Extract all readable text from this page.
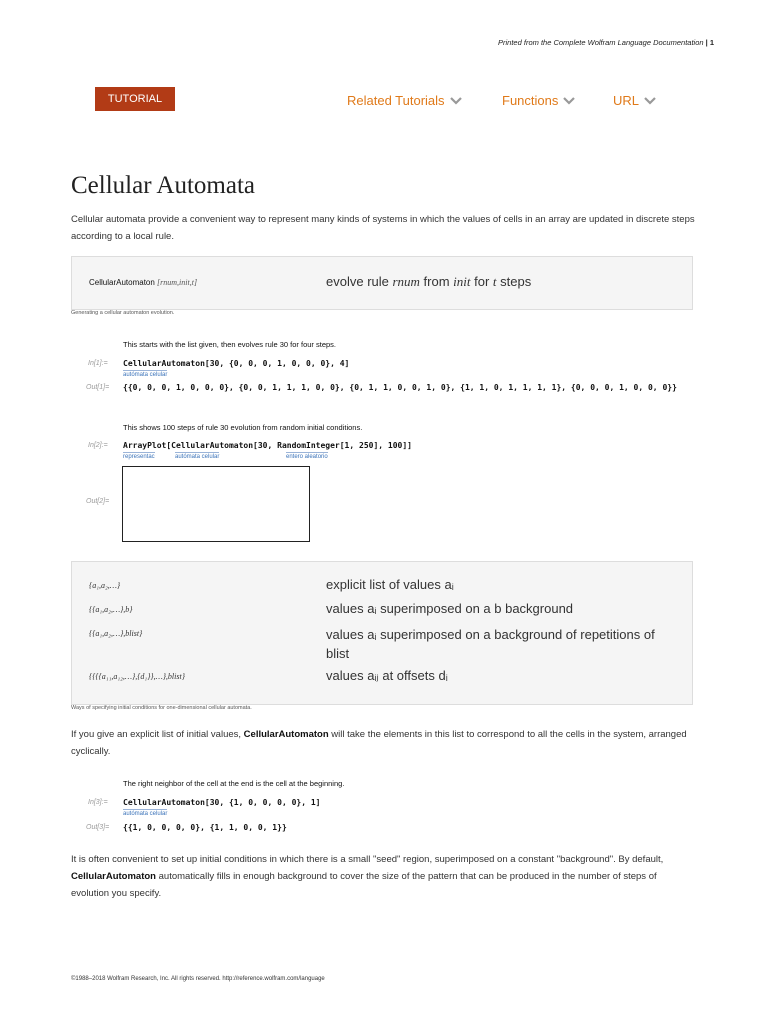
Printed from the Complete Wolfram Language Documentation | 1
TUTORIAL	Related Tutorials	Functions	URL
Cellular Automata
Cellular automata provide a convenient way to represent many kinds of systems in which the values of cells in an array are updated in discrete steps according to a local rule.
CellularAutomaton [rnum,init,t]	evolve rule rnum from init for t steps
Generating a cellular automaton evolution.
This starts with the list given, then evolves rule 30 for four steps.
In[1]:= CellularAutomaton[30, {0, 0, 0, 1, 0, 0, 0}, 4]
autómata celular
Out[1]= {{0, 0, 0, 1, 0, 0, 0}, {0, 0, 1, 1, 1, 0, 0}, {0, 1, 1, 0, 0, 1, 0}, {1, 1, 0, 1, 1, 1, 1}, {0, 0, 0, 1, 0, 0, 0}}
This shows 100 steps of rule 30 evolution from random initial conditions.
In[2]:= ArrayPlot[CellularAutomaton[30, RandomInteger[1, 250], 100]]
representac	autómata celular	entero aleatorio
Out[2]=
{a₁,a₂,…}	explicit list of values aᵢ
{{a₁,a₂,…},b}	values aᵢ superimposed on a b background
{{a₁,a₂,…},blist}	values aᵢ superimposed on a background of repetitions of blist
{{{{a₁₁,a₁₂,…},{d₁}},…},blist}	values aᵢⱼ at offsets dᵢ
Ways of specifying initial conditions for one-dimensional cellular automata.
If you give an explicit list of initial values, CellularAutomaton will take the elements in this list to correspond to all the cells in the system, arranged cyclically.
The right neighbor of the cell at the end is the cell at the beginning.
In[3]:= CellularAutomaton[30, {1, 0, 0, 0, 0}, 1]
autómata celular
Out[3]= {{1, 0, 0, 0, 0}, {1, 1, 0, 0, 1}}
It is often convenient to set up initial conditions in which there is a small "seed" region, superimposed on a constant "background". By default, CellularAutomaton automatically fills in enough background to cover the size of the pattern that can be produced in the number of steps of evolution you specify.
©1988–2018 Wolfram Research, Inc. All rights reserved. http://reference.wolfram.com/language
